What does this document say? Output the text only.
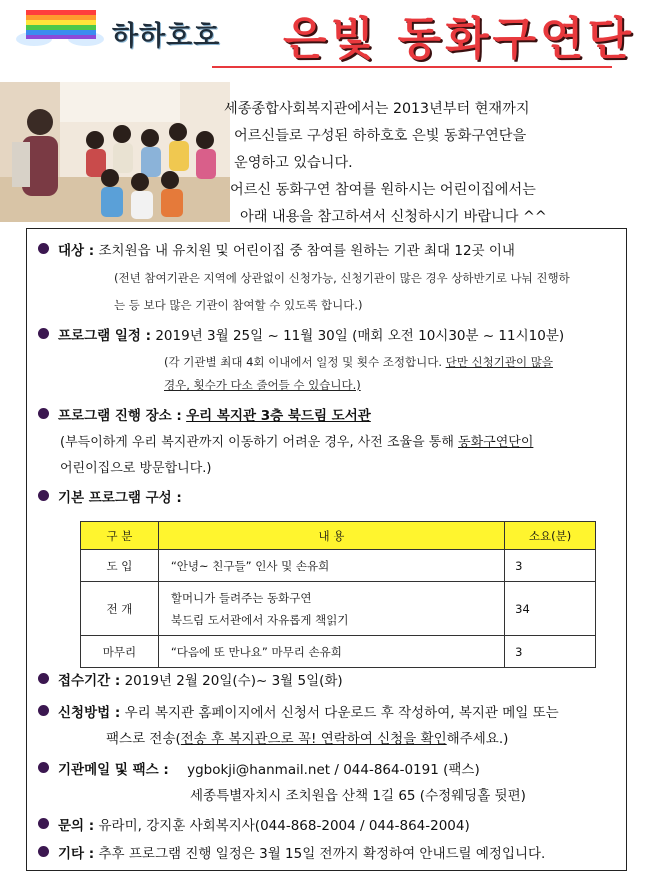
하하호호 은빛 동화구연단
세종종합사회복지관에서는 2013년부터 현재까지
어르신들로 구성된 하하호호 은빛 동화구연단을
운영하고 있습니다.
어르신 동화구연 참여를 원하시는 어린이집에서는
아래 내용을 참고하셔서 신청하시기 바랍니다 ^^
대상 : 조치원읍 내 유치원 및 어린이집 중 참여를 원하는 기관 최대 12곳 이내
(전년 참여기관은 지역에 상관없이 신청가능, 신청기관이 많은 경우 상하반기로 나눠 진행하
는 등 보다 많은 기관이 참여할 수 있도록 합니다.)
프로그램 일정 : 2019년 3월 25일 ~ 11월 30일 (매회 오전 10시30분 ~ 11시10분)
(각 기관별 최대 4회 이내에서 일정 및 횟수 조정합니다. 단만 신청기관이 많을
경우, 횟수가 다소 줄어들 수 있습니다.)
프로그램 진행 장소 : 우리 복지관 3층 북드림 도서관
(부득이하게 우리 복지관까지 이동하기 어려운 경우, 사전 조율을 통해 동화구연단이
어린이집으로 방문합니다.)
기본 프로그램 구성 :
구 분	내 용	소요(분)
도 입	“안녕~ 친구들” 인사 및 손유희	3
전 개	할머니가 들려주는 동화구연
북드림 도서관에서 자유롭게 책읽기	34
마무리	“다음에 또 만나요” 마무리 손유희	3
접수기간 : 2019년 2월 20일(수)~ 3월 5일(화)
신청방법 : 우리 복지관 홈페이지에서 신청서 다운로드 후 작성하여, 복지관 메일 또는
팩스로 전송(전송 후 복지관으로 꼭! 연락하여 신청을 확인해주세요.)
기관메일 및 팩스 : ygbokji@hanmail.net / 044-864-0191 (팩스)
세종특별자치시 조치원읍 산책 1길 65 (수정웨딩홀 뒷편)
문의 : 유라미, 강지훈 사회복지사(044-868-2004 / 044-864-2004)
기타 : 추후 프로그램 진행 일정은 3월 15일 전까지 확정하여 안내드릴 예정입니다.
